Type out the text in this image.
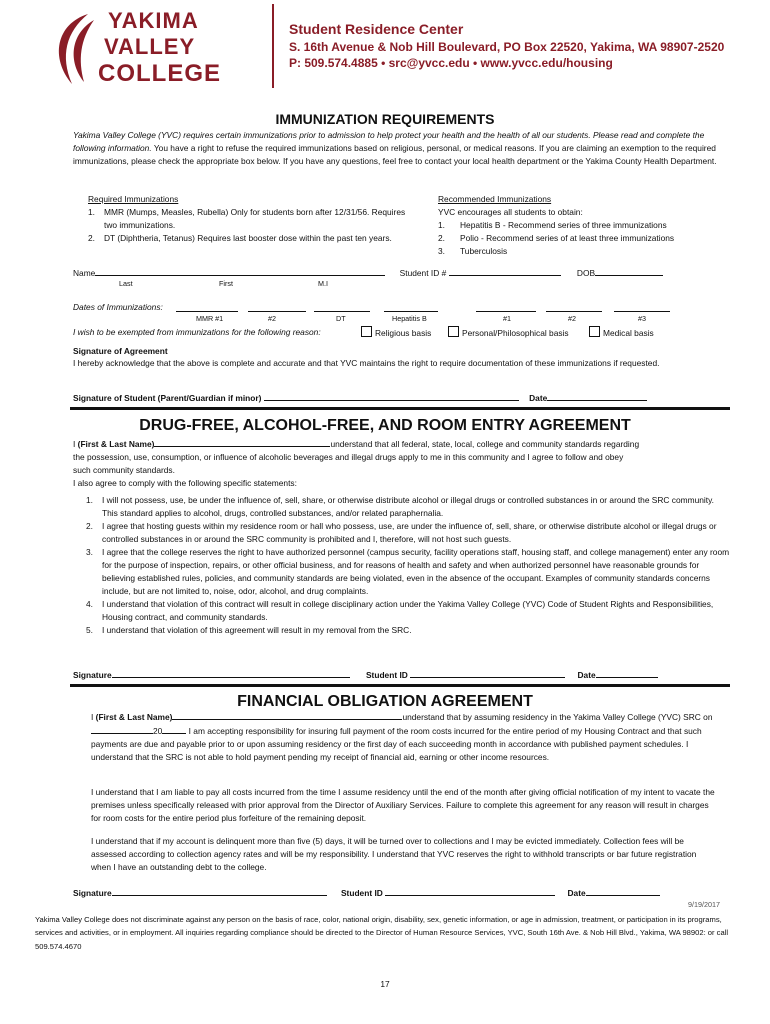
YAKIMA
VALLEY
COLLEGE
Student Residence Center
S. 16th Avenue & Nob Hill Boulevard, PO Box 22520, Yakima, WA 98907-2520
P: 509.574.4885 • src@yvcc.edu • www.yvcc.edu/housing
IMMUNIZATION REQUIREMENTS
Yakima Valley College (YVC) requires certain immunizations prior to admission to help protect your health and the health of all our students. Please read and complete the following information. You have a right to refuse the required immunizations based on religious, personal, or medical reasons. If you are claiming an exemption to the required immunizations, please check the appropriate box below. If you have any questions, feel free to contact your local health department or the Yakima County Health Department.
Required Immunizations
1.	MMR (Mumps, Measles, Rubella) Only for students born after 12/31/56. Requires two immunizations.
2.	DT (Diphtheria, Tetanus) Requires last booster dose within the past ten years.
Recommended Immunizations
YVC encourages all students to obtain:
1.	Hepatitis B - Recommend series of three immunizations
2.	Polio - Recommend series of at least three immunizations
3.	Tuberculosis
Name	Student ID #	DOB
Last	First	M.I
Dates of Immunizations:
MMR #1	#2	DT	Hepatitis B	#1	#2	#3
I wish to be exempted from immunizations for the following reason:	Religious basis	Personal/Philosophical basis	Medical basis
Signature of Agreement
I hereby acknowledge that the above is complete and accurate and that YVC maintains the right to require documentation of these immunizations if requested.
Signature of Student (Parent/Guardian if minor)	Date
DRUG-FREE, ALCOHOL-FREE, AND ROOM ENTRY AGREEMENT
I (First & Last Name)	understand that all federal, state, local, college and community standards regarding
the possession, use, consumption, or influence of alcoholic beverages and illegal drugs apply to me in this community and I agree to follow and obey
such community standards.
I also agree to comply with the following specific statements:
1.	I will not possess, use, be under the influence of, sell, share, or otherwise distribute alcohol or illegal drugs or controlled substances in or around the SRC community. This standard applies to alcohol, drugs, controlled substances, and/or related paraphernalia.
2.	I agree that hosting guests within my residence room or hall who possess, use, are under the influence of, sell, share, or otherwise distribute alcohol or illegal drugs or controlled substances in or around the SRC community is prohibited and I, therefore, will not host such guests.
3.	I agree that the college reserves the right to have authorized personnel (campus security, facility operations staff, housing staff, and college management) enter any room for the purpose of inspection, repairs, or other official business, and for reasons of health and safety and when authorized personnel have reasonable grounds for believing established rules, policies, and community standards are being violated, even in the absence of the occupant. Examples of community standards concerns include, but are not limited to, noise, odor, alcohol, and drug complaints.
4.	I understand that violation of this contract will result in college disciplinary action under the Yakima Valley College (YVC) Code of Student Rights and Responsibilities, Housing contract, and community standards.
5.	I understand that violation of this agreement will result in my removal from the SRC.
Signature	Student ID	Date
FINANCIAL OBLIGATION AGREEMENT
I (First & Last Name)	understand that by assuming residency in the Yakima Valley College (YVC) SRC on 20	I am accepting responsibility for insuring full payment of the room costs incurred for the entire period of my Housing Contract and that such payments are due and payable prior to or upon assuming residency or the first day of each succeeding month in accordance with published payment schedules. I understand that the SRC is not able to hold payment pending my receipt of financial aid, earning or other income resources.
I understand that I am liable to pay all costs incurred from the time I assume residency until the end of the month after giving official notification of my intent to vacate the premises unless specifically released with prior approval from the Director of Auxiliary Services. Failure to complete this agreement for any reason will result in charges for room costs for the entire period plus forfeiture of the remaining deposit.
I understand that if my account is delinquent more than five (5) days, it will be turned over to collections and I may be evicted immediately. Collection fees will be assessed according to collection agency rates and will be my responsibility. I understand that YVC reserves the right to withhold transcripts or bar future registration when I have an outstanding debt to the college.
Signature	Student ID	Date
9/19/2017
Yakima Valley College does not discriminate against any person on the basis of race, color, national origin, disability, sex, genetic information, or age in admission, treatment, or participation in its programs, services and activities, or in employment. All inquiries regarding compliance should be directed to the Director of Human Resource Services, YVC, South 16th Ave. & Nob Hill Blvd., Yakima, WA 98902: or call 509.574.4670
17
